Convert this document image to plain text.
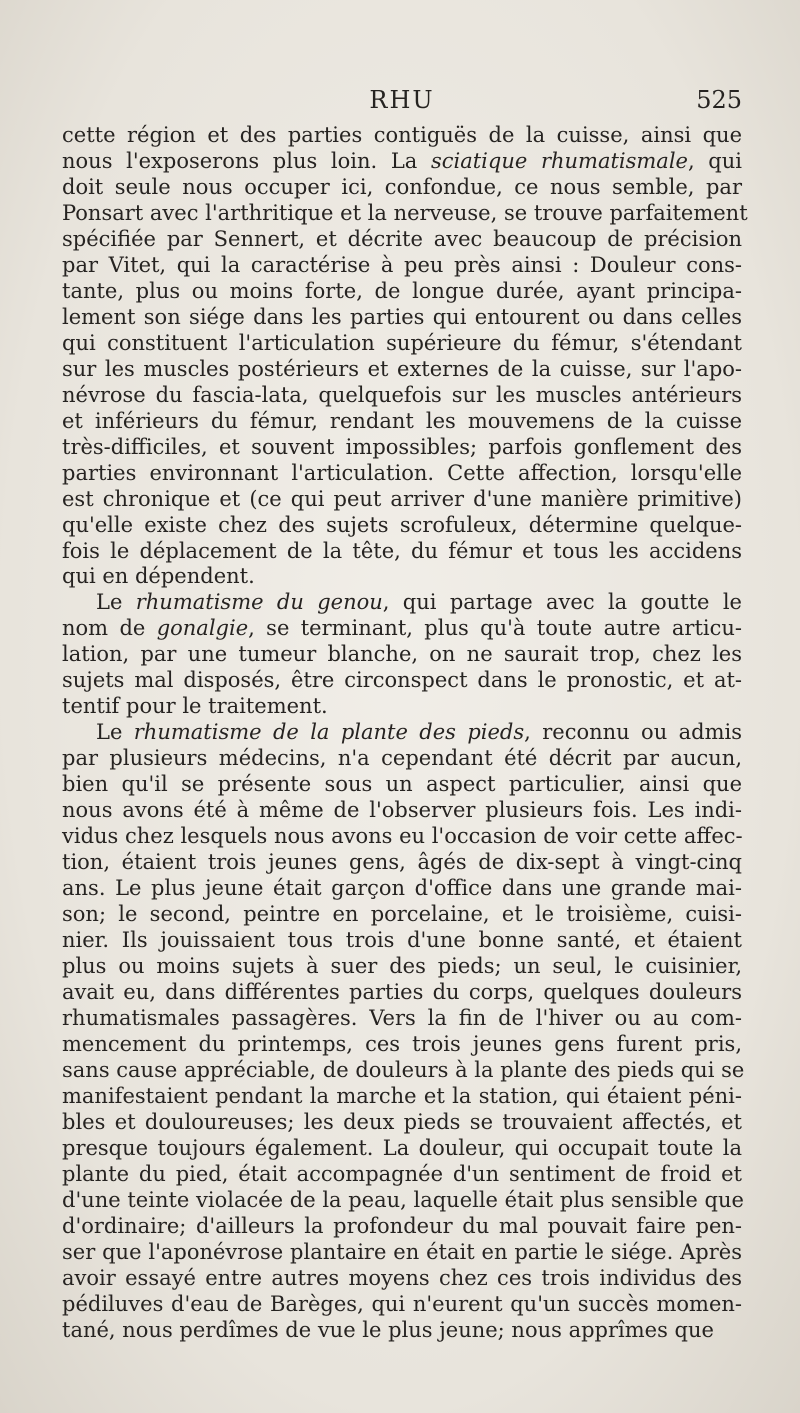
RHU	525
cette région et des parties contiguës de la cuisse, ainsi que
nous l'exposerons plus loin. La sciatique rhumatismale, qui
doit seule nous occuper ici, confondue, ce nous semble, par
Ponsart avec l'arthritique et la nerveuse, se trouve parfaitement
spécifiée par Sennert, et décrite avec beaucoup de précision
par Vitet, qui la caractérise à peu près ainsi : Douleur cons-
tante, plus ou moins forte, de longue durée, ayant principa-
lement son siége dans les parties qui entourent ou dans celles
qui constituent l'articulation supérieure du fémur, s'étendant
sur les muscles postérieurs et externes de la cuisse, sur l'apo-
névrose du fascia-lata, quelquefois sur les muscles antérieurs
et inférieurs du fémur, rendant les mouvemens de la cuisse
très-difficiles, et souvent impossibles; parfois gonflement des
parties environnant l'articulation. Cette affection, lorsqu'elle
est chronique et (ce qui peut arriver d'une manière primitive)
qu'elle existe chez des sujets scrofuleux, détermine quelque-
fois le déplacement de la tête, du fémur et tous les accidens
qui en dépendent.
Le rhumatisme du genou, qui partage avec la goutte le
nom de gonalgie, se terminant, plus qu'à toute autre articu-
lation, par une tumeur blanche, on ne saurait trop, chez les
sujets mal disposés, être circonspect dans le pronostic, et at-
tentif pour le traitement.
Le rhumatisme de la plante des pieds, reconnu ou admis
par plusieurs médecins, n'a cependant été décrit par aucun,
bien qu'il se présente sous un aspect particulier, ainsi que
nous avons été à même de l'observer plusieurs fois. Les indi-
vidus chez lesquels nous avons eu l'occasion de voir cette affec-
tion, étaient trois jeunes gens, âgés de dix-sept à vingt-cinq
ans. Le plus jeune était garçon d'office dans une grande mai-
son; le second, peintre en porcelaine, et le troisième, cuisi-
nier. Ils jouissaient tous trois d'une bonne santé, et étaient
plus ou moins sujets à suer des pieds; un seul, le cuisinier,
avait eu, dans différentes parties du corps, quelques douleurs
rhumatismales passagères. Vers la fin de l'hiver ou au com-
mencement du printemps, ces trois jeunes gens furent pris,
sans cause appréciable, de douleurs à la plante des pieds qui se
manifestaient pendant la marche et la station, qui étaient péni-
bles et douloureuses; les deux pieds se trouvaient affectés, et
presque toujours également. La douleur, qui occupait toute la
plante du pied, était accompagnée d'un sentiment de froid et
d'une teinte violacée de la peau, laquelle était plus sensible que
d'ordinaire; d'ailleurs la profondeur du mal pouvait faire pen-
ser que l'aponévrose plantaire en était en partie le siége. Après
avoir essayé entre autres moyens chez ces trois individus des
pédiluves d'eau de Barèges, qui n'eurent qu'un succès momen-
tané, nous perdîmes de vue le plus jeune; nous apprîmes que
